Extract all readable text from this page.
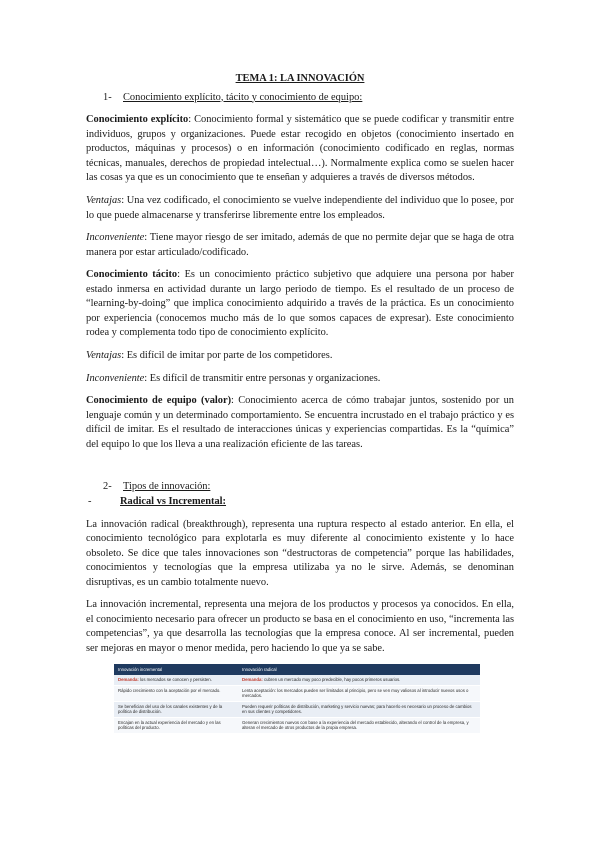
TEMA 1: LA INNOVACIÓN

1- Conocimiento explícito, tácito y conocimiento de equipo:

Conocimiento explícito: Conocimiento formal y sistemático que se puede codificar y transmitir entre individuos, grupos y organizaciones. Puede estar recogido en objetos (conocimiento insertado en productos, máquinas y procesos) o en información (conocimiento codificado en reglas, normas técnicas, manuales, derechos de propiedad intelectual…). Normalmente explica como se suelen hacer las cosas ya que es un conocimiento que te enseñan y adquieres a través de diversos métodos.

Ventajas: Una vez codificado, el conocimiento se vuelve independiente del individuo que lo posee, por lo que puede almacenarse y transferirse libremente entre los empleados.

Inconveniente: Tiene mayor riesgo de ser imitado, además de que no permite dejar que se haga de otra manera por estar articulado/codificado.

Conocimiento tácito: Es un conocimiento práctico subjetivo que adquiere una persona por haber estado inmersa en actividad durante un largo periodo de tiempo. Es el resultado de un proceso de “learning-by-doing” que implica conocimiento adquirido a través de la práctica. Es un conocimiento por experiencia (conocemos mucho más de lo que somos capaces de expresar). Este conocimiento rodea y complementa todo tipo de conocimiento explícito.

Ventajas: Es difícil de imitar por parte de los competidores.

Inconveniente: Es difícil de transmitir entre personas y organizaciones.

Conocimiento de equipo (valor): Conocimiento acerca de cómo trabajar juntos, sostenido por un lenguaje común y un determinado comportamiento. Se encuentra incrustado en el trabajo práctico y es difícil de imitar. Es el resultado de interacciones únicas y experiencias compartidas. Es la “química” del equipo lo que los lleva a una realización eficiente de las tareas.

2- Tipos de innovación:

-	Radical vs Incremental:

La innovación radical (breakthrough), representa una ruptura respecto al estado anterior. En ella, el conocimiento tecnológico para explotarla es muy diferente al conocimiento existente y lo hace obsoleto. Se dice que tales innovaciones son “destructoras de competencia” porque las habilidades, conocimientos y tecnologías que la empresa utilizaba ya no le sirve. Además, se denominan disruptivas, es un cambio totalmente nuevo.

La innovación incremental, representa una mejora de los productos y procesos ya conocidos. En ella, el conocimiento necesario para ofrecer un producto se basa en el conocimiento en uso, “incrementa las competencias”, ya que desarrolla las tecnologías que la empresa conoce. Al ser incremental, pueden ser mejoras en mayor o menor medida, pero haciendo lo que ya se sabe.

Innovación incremental	Innovación radical
Demanda: los mercados se conocen y persisten.	Demanda: cubren un mercado muy poco predecible, hay pocos primeros usuarios.
Rápido crecimiento con la aceptación por el mercado.	Lenta aceptación: los mercados pueden ser limitados al principio, pero se ven muy valiosos al introducir nuevos usos o mercados.
Se benefician del uso de los canales existentes y de la política de distribución.	Pueden requerir políticas de distribución, marketing y servicio nuevas; para hacerlo es necesario un proceso de cambios en sus clientes y competidores.
Encajan en la actual experiencia del mercado y en las políticas del producto.	Generan crecimientos nuevos con base a la experiencia del mercado establecido, alterando el control de la empresa, y alteran el mercado de otros productos de la propia empresa.
